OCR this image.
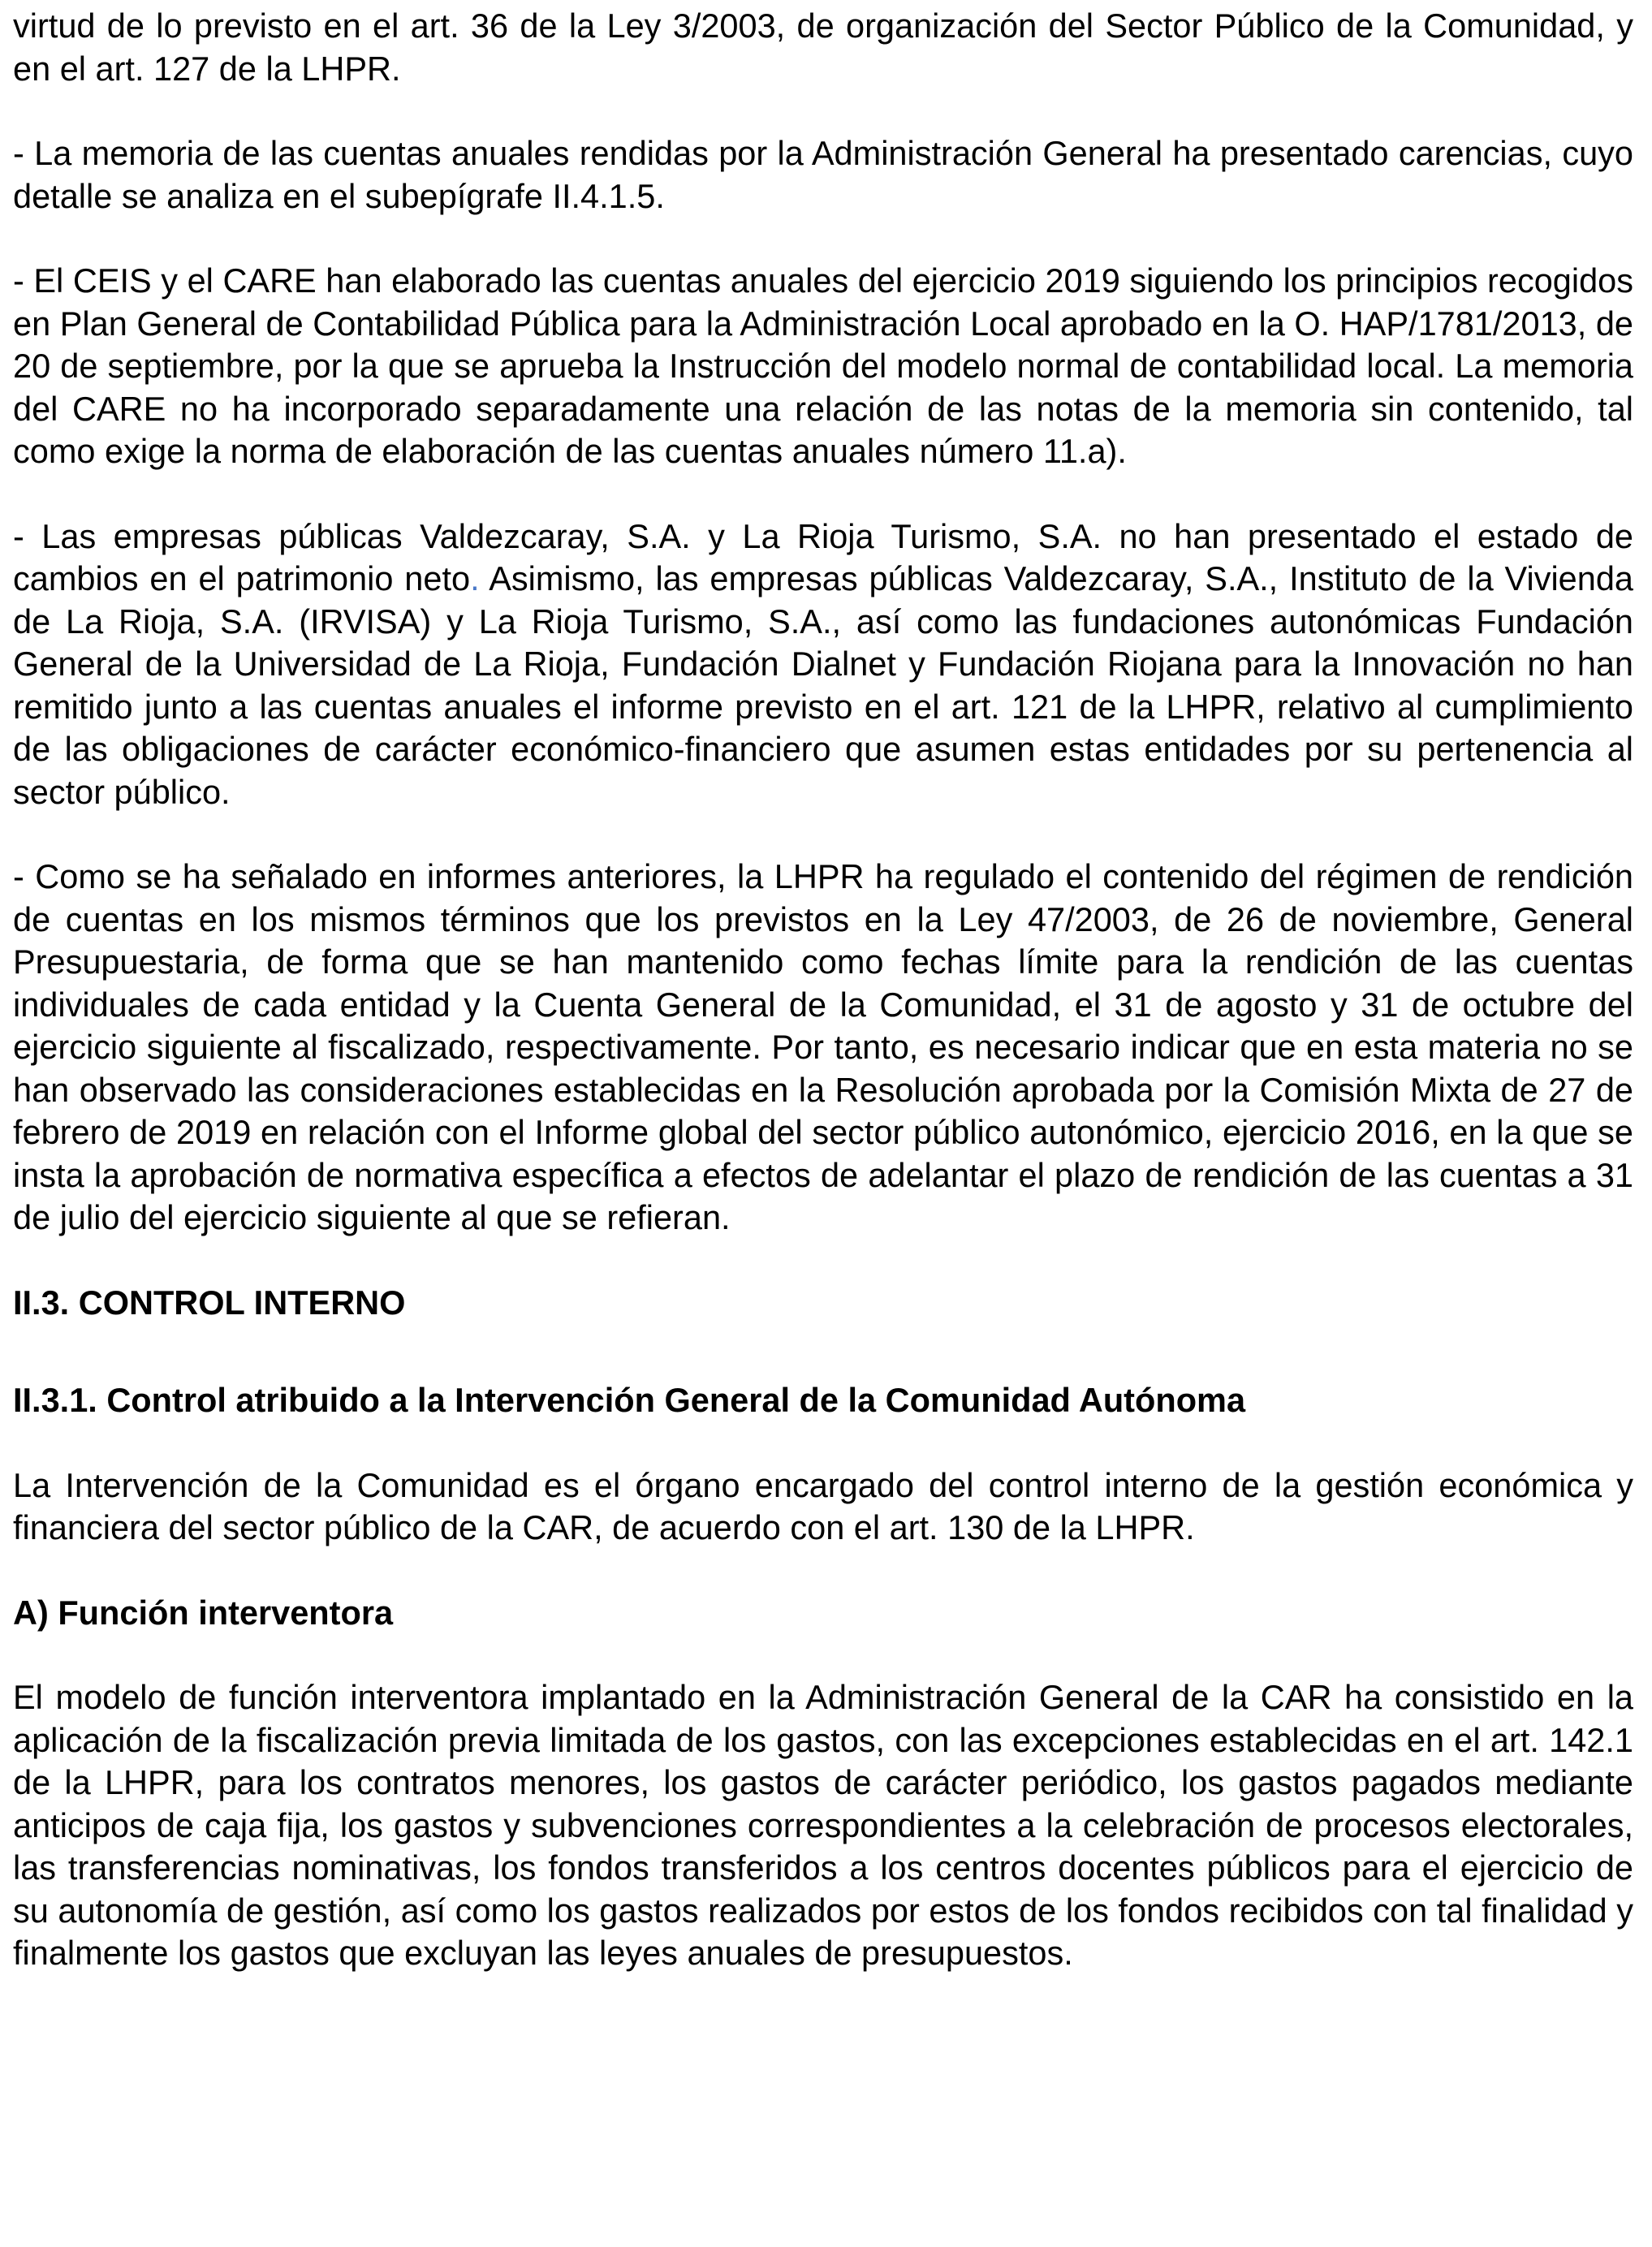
virtud de lo previsto en el art. 36 de la Ley 3/2003, de organización del Sector Público de la Comunidad, y en el art. 127 de la LHPR.

- La memoria de las cuentas anuales rendidas por la Administración General ha presentado carencias, cuyo detalle se analiza en el subepígrafe II.4.1.5.

- El CEIS y el CARE han elaborado las cuentas anuales del ejercicio 2019 siguiendo los principios recogidos en Plan General de Contabilidad Pública para la Administración Local aprobado en la O. HAP/1781/2013, de 20 de septiembre, por la que se aprueba la Instrucción del modelo normal de contabilidad local. La memoria del CARE no ha incorporado separadamente una relación de las notas de la memoria sin contenido, tal como exige la norma de elaboración de las cuentas anuales número 11.a).

- Las empresas públicas Valdezcaray, S.A. y La Rioja Turismo, S.A. no han presentado el estado de cambios en el patrimonio neto. Asimismo, las empresas públicas Valdezcaray, S.A., Instituto de la Vivienda de La Rioja, S.A. (IRVISA) y La Rioja Turismo, S.A., así como las fundaciones autonómicas Fundación General de la Universidad de La Rioja, Fundación Dialnet y Fundación Riojana para la Innovación no han remitido junto a las cuentas anuales el informe previsto en el art. 121 de la LHPR, relativo al cumplimiento de las obligaciones de carácter económico-financiero que asumen estas entidades por su pertenencia al sector público.

- Como se ha señalado en informes anteriores, la LHPR ha regulado el contenido del régimen de rendición de cuentas en los mismos términos que los previstos en la Ley 47/2003, de 26 de noviembre, General Presupuestaria, de forma que se han mantenido como fechas límite para la rendición de las cuentas individuales de cada entidad y la Cuenta General de la Comunidad, el 31 de agosto y 31 de octubre del ejercicio siguiente al fiscalizado, respectivamente. Por tanto, es necesario indicar que en esta materia no se han observado las consideraciones establecidas en la Resolución aprobada por la Comisión Mixta de 27 de febrero de 2019 en relación con el Informe global del sector público autonómico, ejercicio 2016, en la que se insta la aprobación de normativa específica a efectos de adelantar el plazo de rendición de las cuentas a 31 de julio del ejercicio siguiente al que se refieran.

II.3. CONTROL INTERNO
II.3.1. Control atribuido a la Intervención General de la Comunidad Autónoma

La Intervención de la Comunidad es el órgano encargado del control interno de la gestión económica y financiera del sector público de la CAR, de acuerdo con el art. 130 de la LHPR.

A) Función interventora

El modelo de función interventora implantado en la Administración General de la CAR ha consistido en la aplicación de la fiscalización previa limitada de los gastos, con las excepciones establecidas en el art. 142.1 de la LHPR, para los contratos menores, los gastos de carácter periódico, los gastos pagados mediante anticipos de caja fija, los gastos y subvenciones correspondientes a la celebración de procesos electorales, las transferencias nominativas, los fondos transferidos a los centros docentes públicos para el ejercicio de su autonomía de gestión, así como los gastos realizados por estos de los fondos recibidos con tal finalidad y finalmente los gastos que excluyan las leyes anuales de presupuestos.
